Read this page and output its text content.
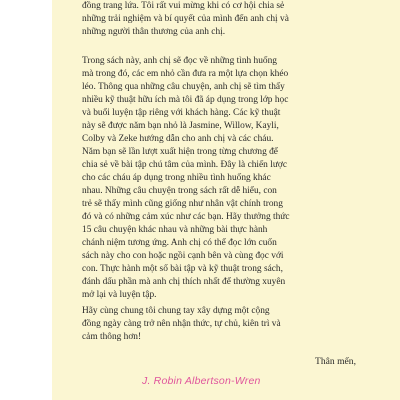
đồng trang lứa. Tôi rất vui mừng khi có cơ hội chia sẻ
những trải nghiệm và bí quyết của mình đến anh chị và
những người thân thương của anh chị.
Trong sách này, anh chị sẽ đọc về những tình huống
mà trong đó, các em nhỏ cần đưa ra một lựa chọn khéo
léo. Thông qua những câu chuyện, anh chị sẽ tìm thấy
nhiều kỹ thuật hữu ích mà tôi đã áp dụng trong lớp học
và buổi luyện tập riêng với khách hàng. Các kỹ thuật
này sẽ được năm bạn nhỏ là Jasmine, Willow, Kayli,
Colby và Zeke hướng dẫn cho anh chị và các cháu.
Năm bạn sẽ lần lượt xuất hiện trong từng chương để
chia sẻ về bài tập chú tâm của mình. Đây là chiến lược
cho các cháu áp dụng trong nhiều tình huống khác
nhau. Những câu chuyện trong sách rất dễ hiểu, con
trẻ sẽ thấy mình cũng giống như nhân vật chính trong
đó và có những cảm xúc như các bạn. Hãy thưởng thức
15 câu chuyện khác nhau và những bài thực hành
chánh niệm tương ứng. Anh chị có thể đọc lớn cuốn
sách này cho con hoặc ngồi cạnh bên và cùng đọc với
con. Thực hành một số bài tập và kỹ thuật trong sách,
đánh dấu phần mà anh chị thích nhất để thường xuyên
mở lại và luyện tập.
Hãy cùng chung tôi chung tay xây dựng một cộng
đồng ngày càng trở nên nhận thức, tự chủ, kiên trì và
cảm thông hơn!
Thân mến,
J. Robin Albertson-Wren
